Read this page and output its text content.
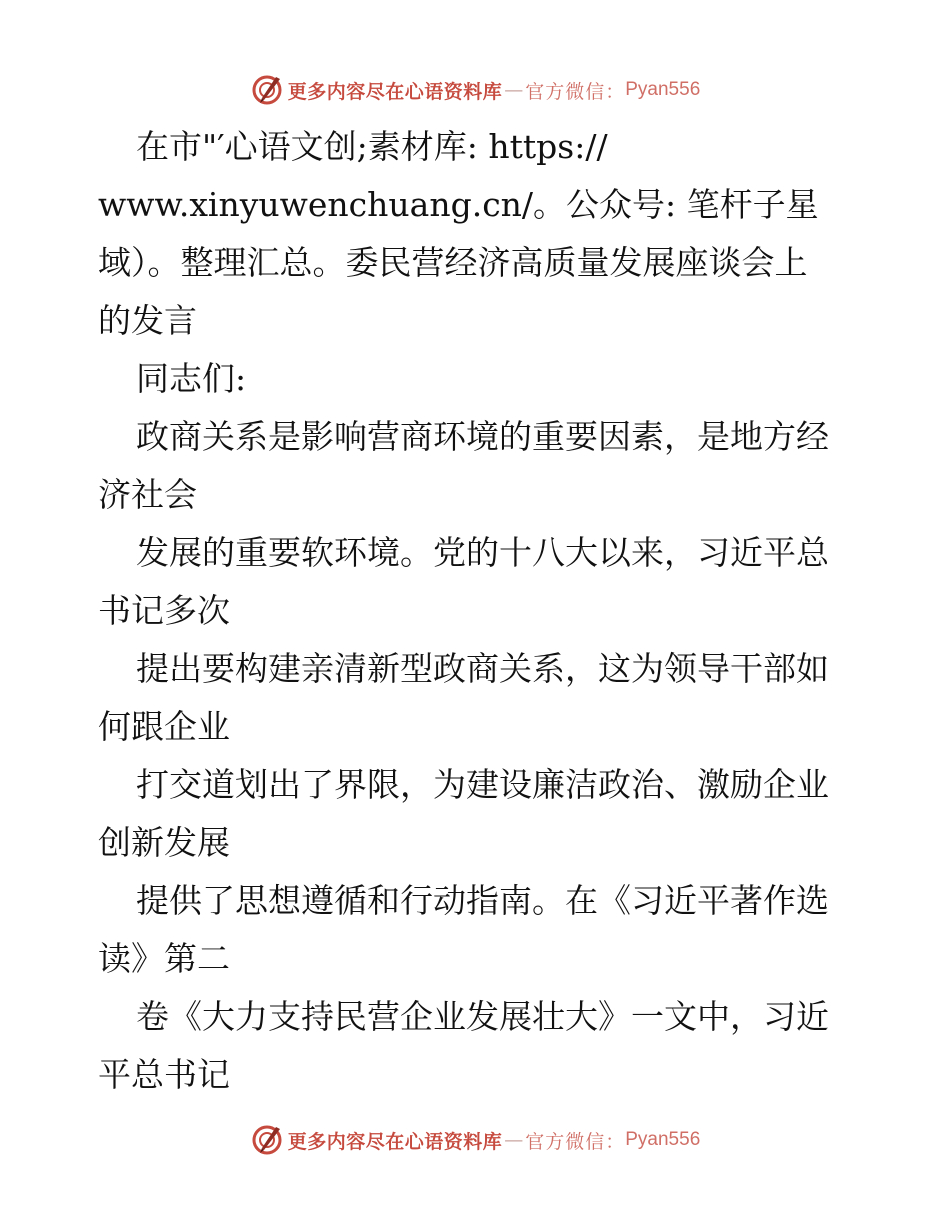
更多内容尽在心语资料库 — 官方微信： Pyan556
在市"′心语文创;素材库: https://
www.xinyuwenchuang.cn/。公众号: 笔杆子星
域）。整理汇总。委民营经济高质量发展座谈会上
的发言
同志们:
政商关系是影响营商环境的重要因素，是地方经
济社会
发展的重要软环境。党的十八大以来，习近平总
书记多次
提出要构建亲清新型政商关系，这为领导干部如
何跟企业
打交道划出了界限，为建设廉洁政治、激励企业
创新发展
提供了思想遵循和行动指南。在《习近平著作选
读》第二
卷《大力支持民营企业发展壮大》一文中，习近
平总书记
更多内容尽在心语资料库 — 官方微信： Pyan556
